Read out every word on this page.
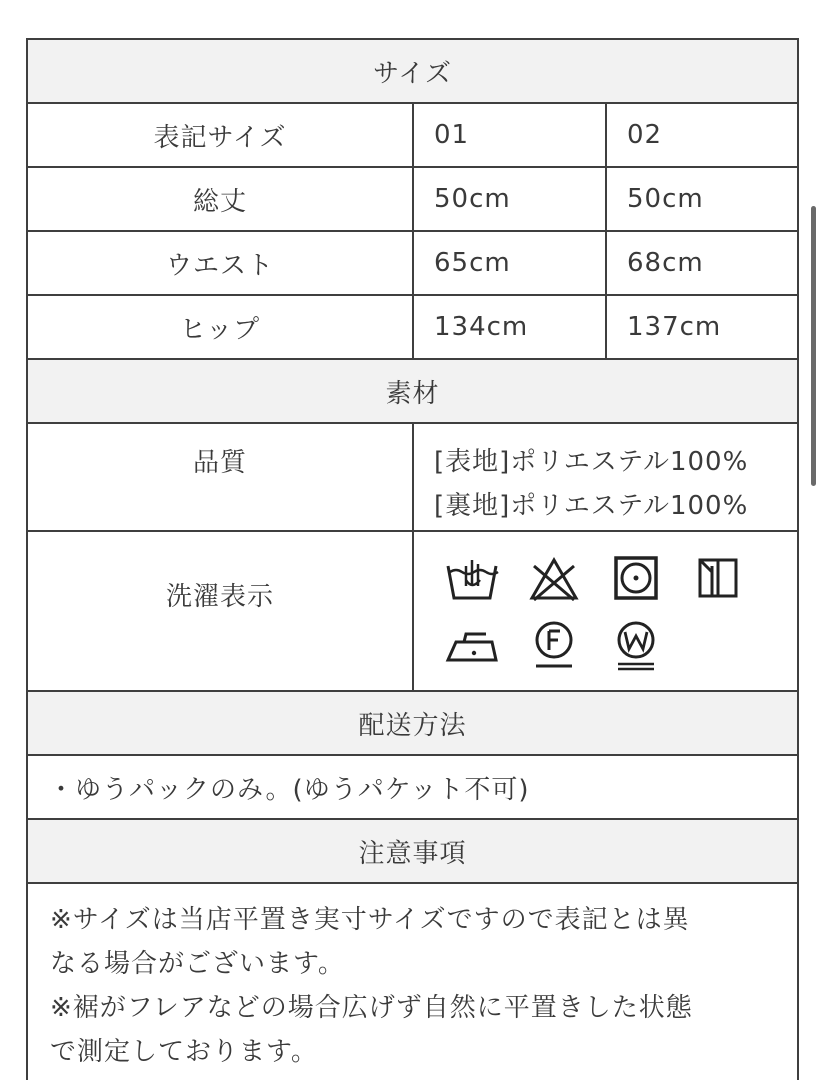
サイズ		
表記サイズ	01	02
総丈	50cm	50cm
ウエスト	65cm	68cm
ヒップ	134cm	137cm
素材		
品質	[表地]ポリエステル100%
[裏地]ポリエステル100%	

洗濯表示	

配送方法		
・ゆうパックのみ。(ゆうパケット不可)		
注意事項		

※サイズは当店平置き実寸サイズですので表記とは異
なる場合がございます。
※裾がフレアなどの場合広げず自然に平置きした状態
で測定しております。		
